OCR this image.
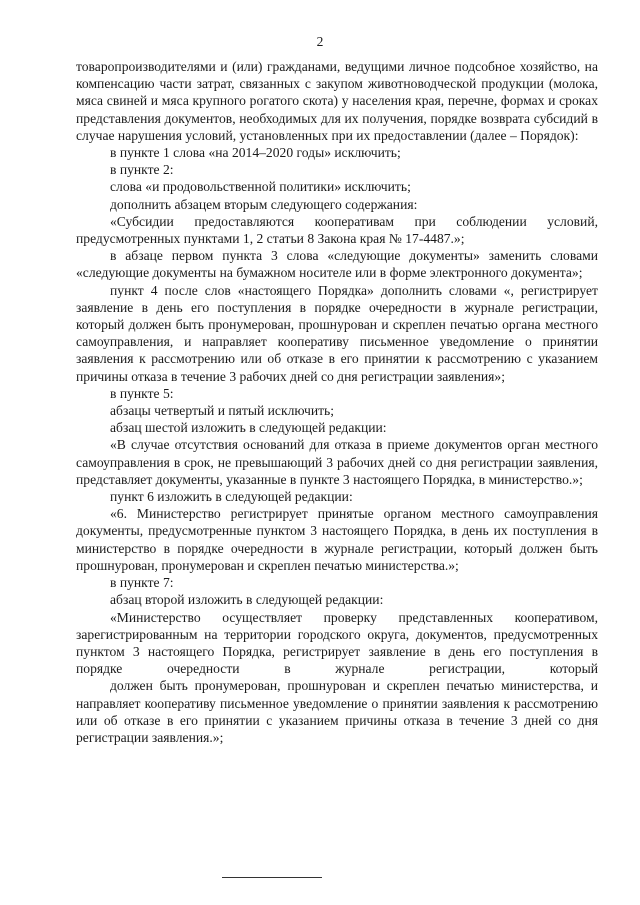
2

товаропроизводителями и (или) гражданами, ведущими личное подсобное хозяйство, на компенсацию части затрат, связанных с закупом животноводческой продукции (молока, мяса свиней и мяса крупного рогатого скота) у населения края, перечне, формах и сроках представления документов, необходимых для их получения, порядке возврата субсидий в случае нарушения условий, установленных при их предоставлении (далее – Порядок):

в пункте 1 слова «на 2014–2020 годы» исключить;

в пункте 2:

слова «и продовольственной политики» исключить;

дополнить абзацем вторым следующего содержания:

«Субсидии предоставляются кооперативам при соблюдении условий, предусмотренных пунктами 1, 2 статьи 8 Закона края № 17-4487.»;

в абзаце первом пункта 3 слова «следующие документы» заменить словами «следующие документы на бумажном носителе или в форме электронного документа»;

пункт 4 после слов «настоящего Порядка» дополнить словами «, регистрирует заявление в день его поступления в порядке очередности в журнале регистрации, который должен быть пронумерован, прошнурован и скреплен печатью органа местного самоуправления, и направляет кооперативу письменное уведомление о принятии заявления к рассмотрению или об отказе в его принятии к рассмотрению с указанием причины отказа в течение 3 рабочих дней со дня регистрации заявления»;

в пункте 5:

абзацы четвертый и пятый исключить;

абзац шестой изложить в следующей редакции:

«В случае отсутствия оснований для отказа в приеме документов орган местного самоуправления в срок, не превышающий 3 рабочих дней со дня регистрации заявления, представляет документы, указанные в пункте 3 настоящего Порядка, в министерство.»;

пункт 6 изложить в следующей редакции:

«6. Министерство регистрирует принятые органом местного самоуправления документы, предусмотренные пунктом 3 настоящего Порядка, в день их поступления в министерство в порядке очередности в журнале регистрации, который должен быть прошнурован, пронумерован и скреплен печатью министерства.»;

в пункте 7:

абзац второй изложить в следующей редакции:

«Министерство осуществляет проверку представленных кооперативом, зарегистрированным на территории городского округа, документов, предусмотренных пунктом 3 настоящего Порядка, регистрирует заявление в день его поступления в порядке очередности в журнале регистрации, который

должен быть пронумерован, прошнурован и скреплен печатью министерства, и направляет кооперативу письменное уведомление о принятии заявления к рассмотрению или об отказе в его принятии с указанием причины отказа в течение 3 дней со дня регистрации заявления.»;
